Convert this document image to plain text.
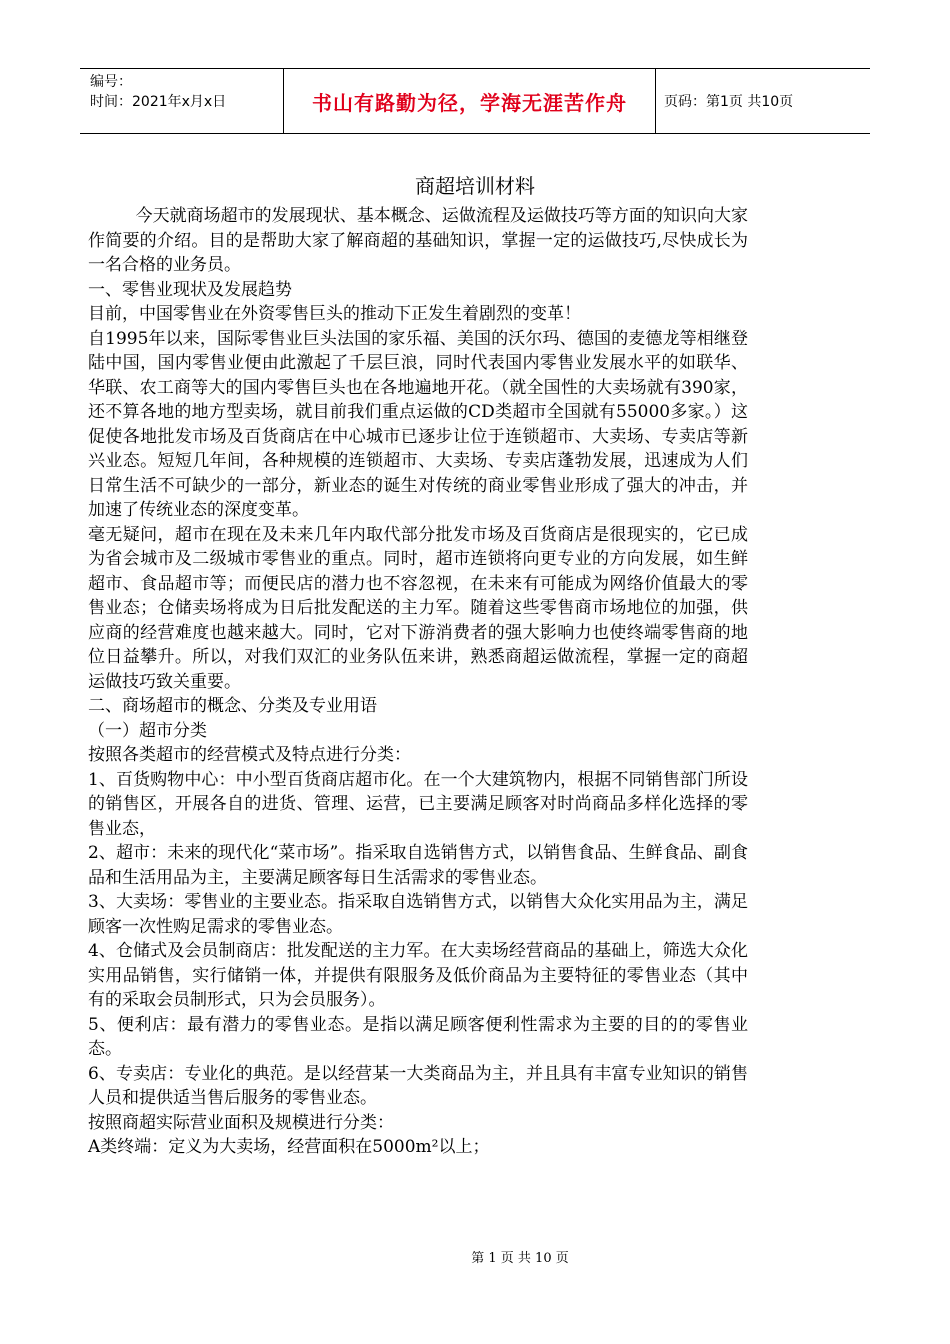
编号：
时间：2021年x月x日	书山有路勤为径，学海无涯苦作舟	页码：第1页 共10页
商超培训材料

今天就商场超市的发展现状、基本概念、运做流程及运做技巧等方面的知识向大家作简要的介绍。目的是帮助大家了解商超的基础知识，掌握一定的运做技巧,尽快成长为一名合格的业务员。

一、零售业现状及发展趋势

目前，中国零售业在外资零售巨头的推动下正发生着剧烈的变革！

自1995年以来，国际零售业巨头法国的家乐福、美国的沃尔玛、德国的麦德龙等相继登陆中国，国内零售业便由此激起了千层巨浪，同时代表国内零售业发展水平的如联华、华联、农工商等大的国内零售巨头也在各地遍地开花。（就全国性的大卖场就有390家，还不算各地的地方型卖场，就目前我们重点运做的CD类超市全国就有55000多家。）这促使各地批发市场及百货商店在中心城市已逐步让位于连锁超市、大卖场、专卖店等新兴业态。短短几年间，各种规模的连锁超市、大卖场、专卖店蓬勃发展，迅速成为人们日常生活不可缺少的一部分，新业态的诞生对传统的商业零售业形成了强大的冲击，并加速了传统业态的深度变革。

毫无疑问，超市在现在及未来几年内取代部分批发市场及百货商店是很现实的，它已成为省会城市及二级城市零售业的重点。同时，超市连锁将向更专业的方向发展，如生鲜超市、食品超市等；而便民店的潜力也不容忽视，在未来有可能成为网络价值最大的零售业态；仓储卖场将成为日后批发配送的主力军。随着这些零售商市场地位的加强，供应商的经营难度也越来越大。同时，它对下游消费者的强大影响力也使终端零售商的地位日益攀升。所以，对我们双汇的业务队伍来讲，熟悉商超运做流程，掌握一定的商超运做技巧致关重要。

二、商场超市的概念、分类及专业用语

（一）超市分类

按照各类超市的经营模式及特点进行分类：

1、百货购物中心：中小型百货商店超市化。在一个大建筑物内，根据不同销售部门所设的销售区，开展各自的进货、管理、运营，已主要满足顾客对时尚商品多样化选择的零售业态，

2、超市：未来的现代化“菜市场”。指采取自选销售方式，以销售食品、生鲜食品、副食品和生活用品为主，主要满足顾客每日生活需求的零售业态。

3、大卖场：零售业的主要业态。指采取自选销售方式，以销售大众化实用品为主，满足顾客一次性购足需求的零售业态。

4、仓储式及会员制商店：批发配送的主力军。在大卖场经营商品的基础上，筛选大众化实用品销售，实行储销一体，并提供有限服务及低价商品为主要特征的零售业态（其中有的采取会员制形式，只为会员服务）。

5、便利店：最有潜力的零售业态。是指以满足顾客便利性需求为主要的目的的零售业态。

6、专卖店：专业化的典范。是以经营某一大类商品为主，并且具有丰富专业知识的销售人员和提供适当售后服务的零售业态。

按照商超实际营业面积及规模进行分类：

A类终端：定义为大卖场，经营面积在5000m²以上；

第 1 页 共 10 页
